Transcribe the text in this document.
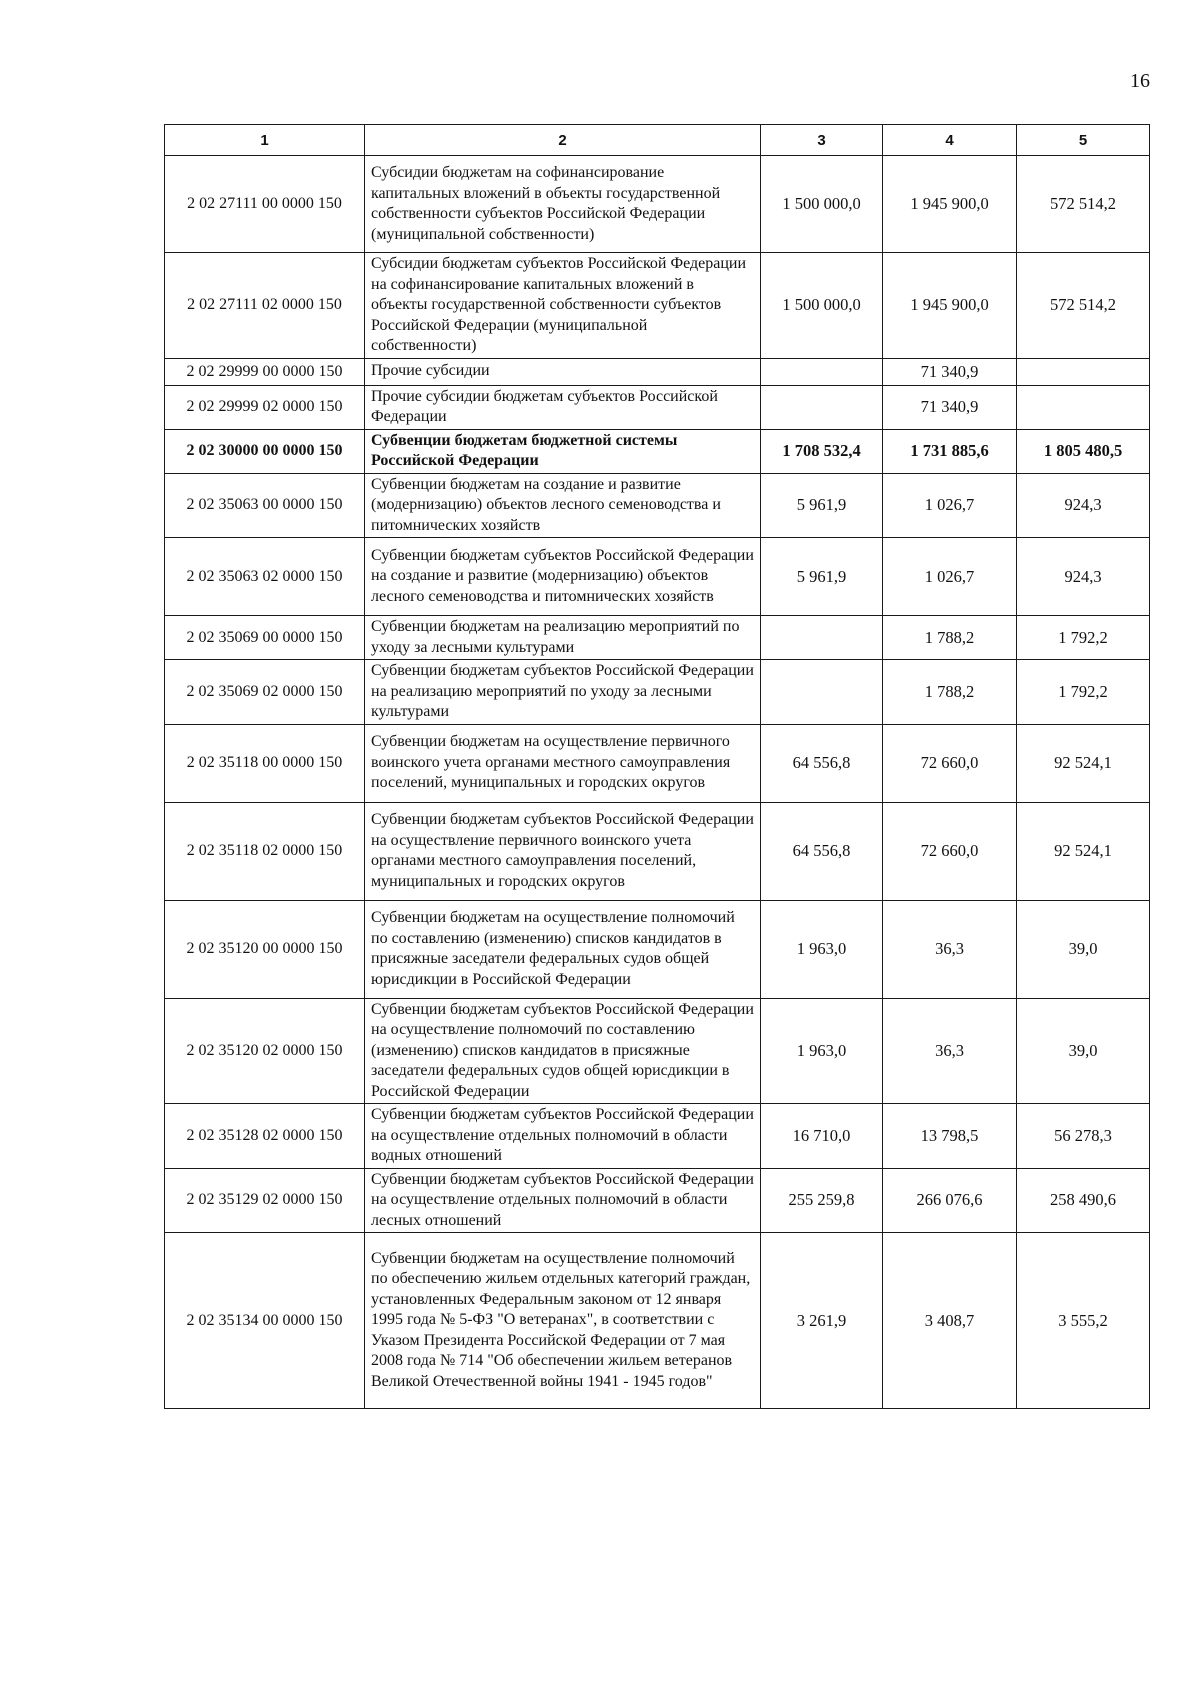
16
1	2	3	4	5
2 02 27111 00 0000 150	Субсидии бюджетам на софинансирование капитальных вложений в объекты государственной собственности субъектов Российской Федерации (муниципальной собственности)	1 500 000,0	1 945 900,0	572 514,2
2 02 27111 02 0000 150	Субсидии бюджетам субъектов Российской Федерации на софинансирование капитальных вложений в объекты государственной собственности субъектов Российской Федерации (муниципальной собственности)	1 500 000,0	1 945 900,0	572 514,2
2 02 29999 00 0000 150	Прочие субсидии		71 340,9	
2 02 29999 02 0000 150	Прочие субсидии бюджетам субъектов Российской Федерации		71 340,9	
2 02 30000 00 0000 150	Субвенции бюджетам бюджетной системы Российской Федерации	1 708 532,4	1 731 885,6	1 805 480,5
2 02 35063 00 0000 150	Субвенции бюджетам на создание и развитие (модернизацию) объектов лесного семеноводства и питомнических хозяйств	5 961,9	1 026,7	924,3
2 02 35063 02 0000 150	Субвенции бюджетам субъектов Российской Федерации на создание и развитие (модернизацию) объектов лесного семеноводства и питомнических хозяйств	5 961,9	1 026,7	924,3
2 02 35069 00 0000 150	Субвенции бюджетам на реализацию мероприятий по уходу за лесными культурами		1 788,2	1 792,2
2 02 35069 02 0000 150	Субвенции бюджетам субъектов Российской Федерации на реализацию мероприятий по уходу за лесными культурами		1 788,2	1 792,2
2 02 35118 00 0000 150	Субвенции бюджетам на осуществление первичного воинского учета органами местного самоуправления поселений, муниципальных и городских округов	64 556,8	72 660,0	92 524,1
2 02 35118 02 0000 150	Субвенции бюджетам субъектов Российской Федерации на осуществление первичного воинского учета органами местного самоуправления поселений, муниципальных и городских округов	64 556,8	72 660,0	92 524,1
2 02 35120 00 0000 150	Субвенции бюджетам на осуществление полномочий по составлению (изменению) списков кандидатов в присяжные заседатели федеральных судов общей юрисдикции в Российской Федерации	1 963,0	36,3	39,0
2 02 35120 02 0000 150	Субвенции бюджетам субъектов Российской Федерации на осуществление полномочий по составлению (изменению) списков кандидатов в присяжные заседатели федеральных судов общей юрисдикции в Российской Федерации	1 963,0	36,3	39,0
2 02 35128 02 0000 150	Субвенции бюджетам субъектов Российской Федерации на осуществление отдельных полномочий в области водных отношений	16 710,0	13 798,5	56 278,3
2 02 35129 02 0000 150	Субвенции бюджетам субъектов Российской Федерации на осуществление отдельных полномочий в области лесных отношений	255 259,8	266 076,6	258 490,6
2 02 35134 00 0000 150	Субвенции бюджетам на осуществление полномочий по обеспечению жильем отдельных категорий граждан, установленных Федеральным законом от 12 января 1995 года № 5-ФЗ "О ветеранах", в соответствии с Указом Президента Российской Федерации от 7 мая 2008 года № 714 "Об обеспечении жильем ветеранов Великой Отечественной войны 1941 - 1945 годов"	3 261,9	3 408,7	3 555,2
